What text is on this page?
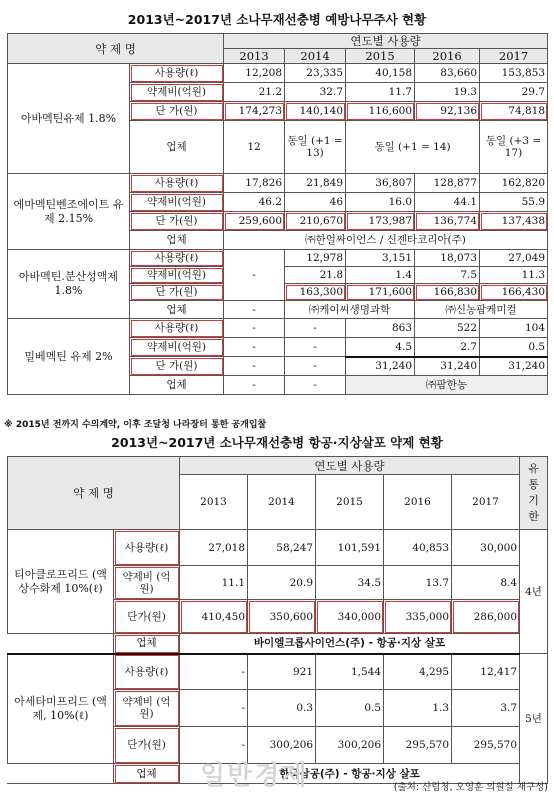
2013년~2017년 소나무재선충병 예방나무주사 현황
약 제 명		연도별 사용량				
		2013	2014	2015	2016	2017
아바멕틴유제 1.8%	사용량(ℓ)	12,208	23,335	40,158	83,660	153,853
	약제비(억원)	21.2	32.7	11.7	19.3	29.7
	단 가(원)	174,273	140,140	116,600	92,136	74,818
	업체	12	동일 (+1 = 13)	동일 (+1 = 14)		동일 (+3 = 17)
에마멕틴벤조에이트 유제 2.15%	사용량(ℓ)	17,826	21,849	36,807	128,877	162,820
	약제비(억원)	46.2	46	16.0	44.1	55.9
	단 가(원)	259,600	210,670	173,987	136,774	137,438
	업체	㈜한얼싸이언스 / 신젠타코리아(주)				
아바멕틴.분산성액제1.8%	사용량(ℓ)	-	12,978	3,151	18,073	27,049
	약제비(억원)		21.8	1.4	7.5	11.3
	단 가(원)		163,300	171,600	166,830	166,430
	업체	-	㈜케이씨생명과학		㈜신농팜케미컬	
밀베멕틴 유제 2%	사용량(ℓ)	-	-	863	522	104
	약제비(억원)	-	-	4.5	2.7	0.5
	단 가(원)	-	-	31,240	31,240	31,240
	업체	-	-	㈜팜한농		
※ 2015년 전까지 수의계약, 이후 조달청 나라장터 통한 공개입찰
2013년~2017년 소나무재선충병 항공·지상살포 약제 현황
약 제 명		연도별 사용량					유 통 기 한
		2013	2014	2015	2016	2017	
티아클로프리드 (액상수화제 10%(ℓ)	사용량(ℓ)	27,018	58,247	101,591	40,853	30,000	4년
	약제비 (억원)	11.1	20.9	34.5	13.7	8.4	
	단가(원)	410,450	350,600	340,000	335,000	286,000	
	업체	바이엘크롭사이언스(주) - 항공·지상 살포					
아세타미프리드 (액제, 10%(ℓ)	사용량(ℓ)	-	921	1,544	4,295	12,417	5년
	약제비 (억원)	-	0.3	0.5	1.3	3.7	
	단가(원)	-	300,206	300,206	295,570	295,570	
	업체	한국삼공(주) - 항공·지상 살포					
일반경제	(출처: 산림청, 오영훈 의원실 재구성)
